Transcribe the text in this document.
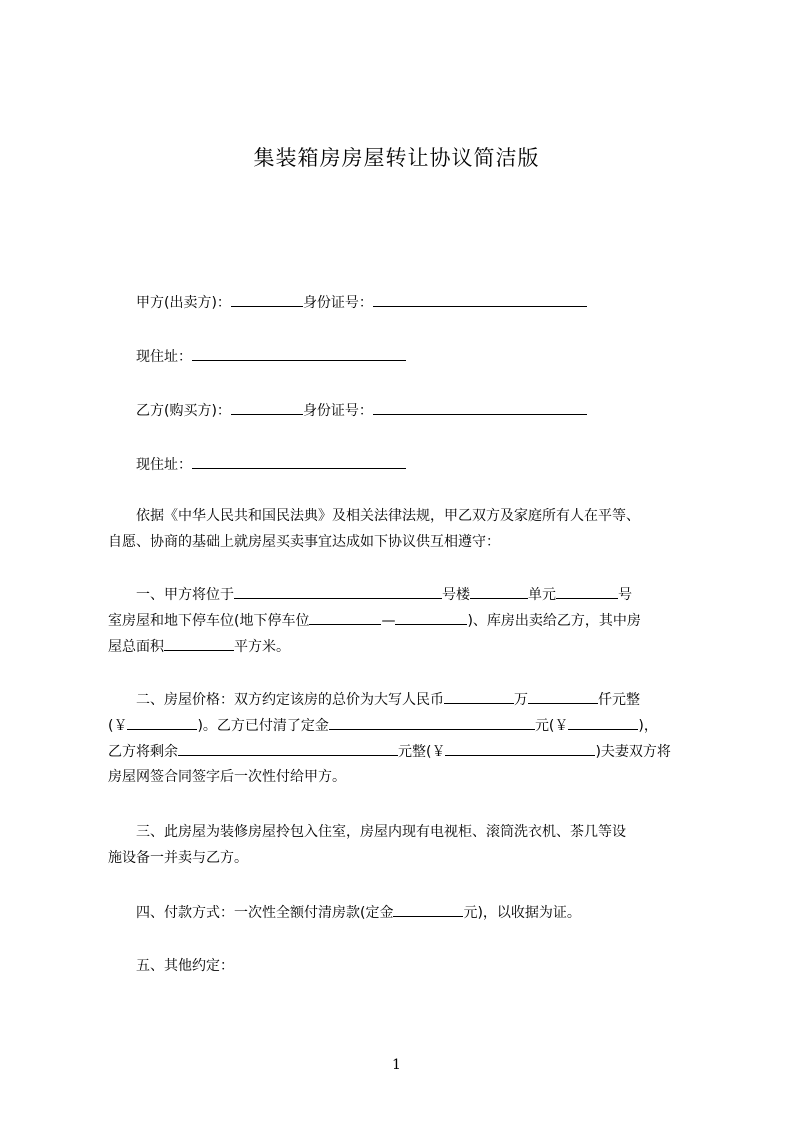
集装箱房房屋转让协议简洁版
甲方(出卖方)：	身份证号：
现住址：
乙方(购买方)：	身份证号：
现住址：
依据《中华人民共和国民法典》及相关法律法规，甲乙双方及家庭所有人在平等、
自愿、协商的基础上就房屋买卖事宜达成如下协议供互相遵守：
一、甲方将位于	号楼	单元	号
室房屋和地下停车位(地下停车位	—	)、库房出卖给乙方，其中房
屋总面积	平方米。
二、房屋价格：双方约定该房的总价为大写人民币	万	仟元整
(￥	)。乙方已付清了定金	元(￥	)，
乙方将剩余	元整(￥	)夫妻双方将
房屋网签合同签字后一次性付给甲方。
三、此房屋为装修房屋拎包入住室，房屋内现有电视柜、滚筒洗衣机、茶几等设
施设备一并卖与乙方。
四、付款方式：一次性全额付清房款(定金	元)，以收据为证。
五、其他约定：
1
